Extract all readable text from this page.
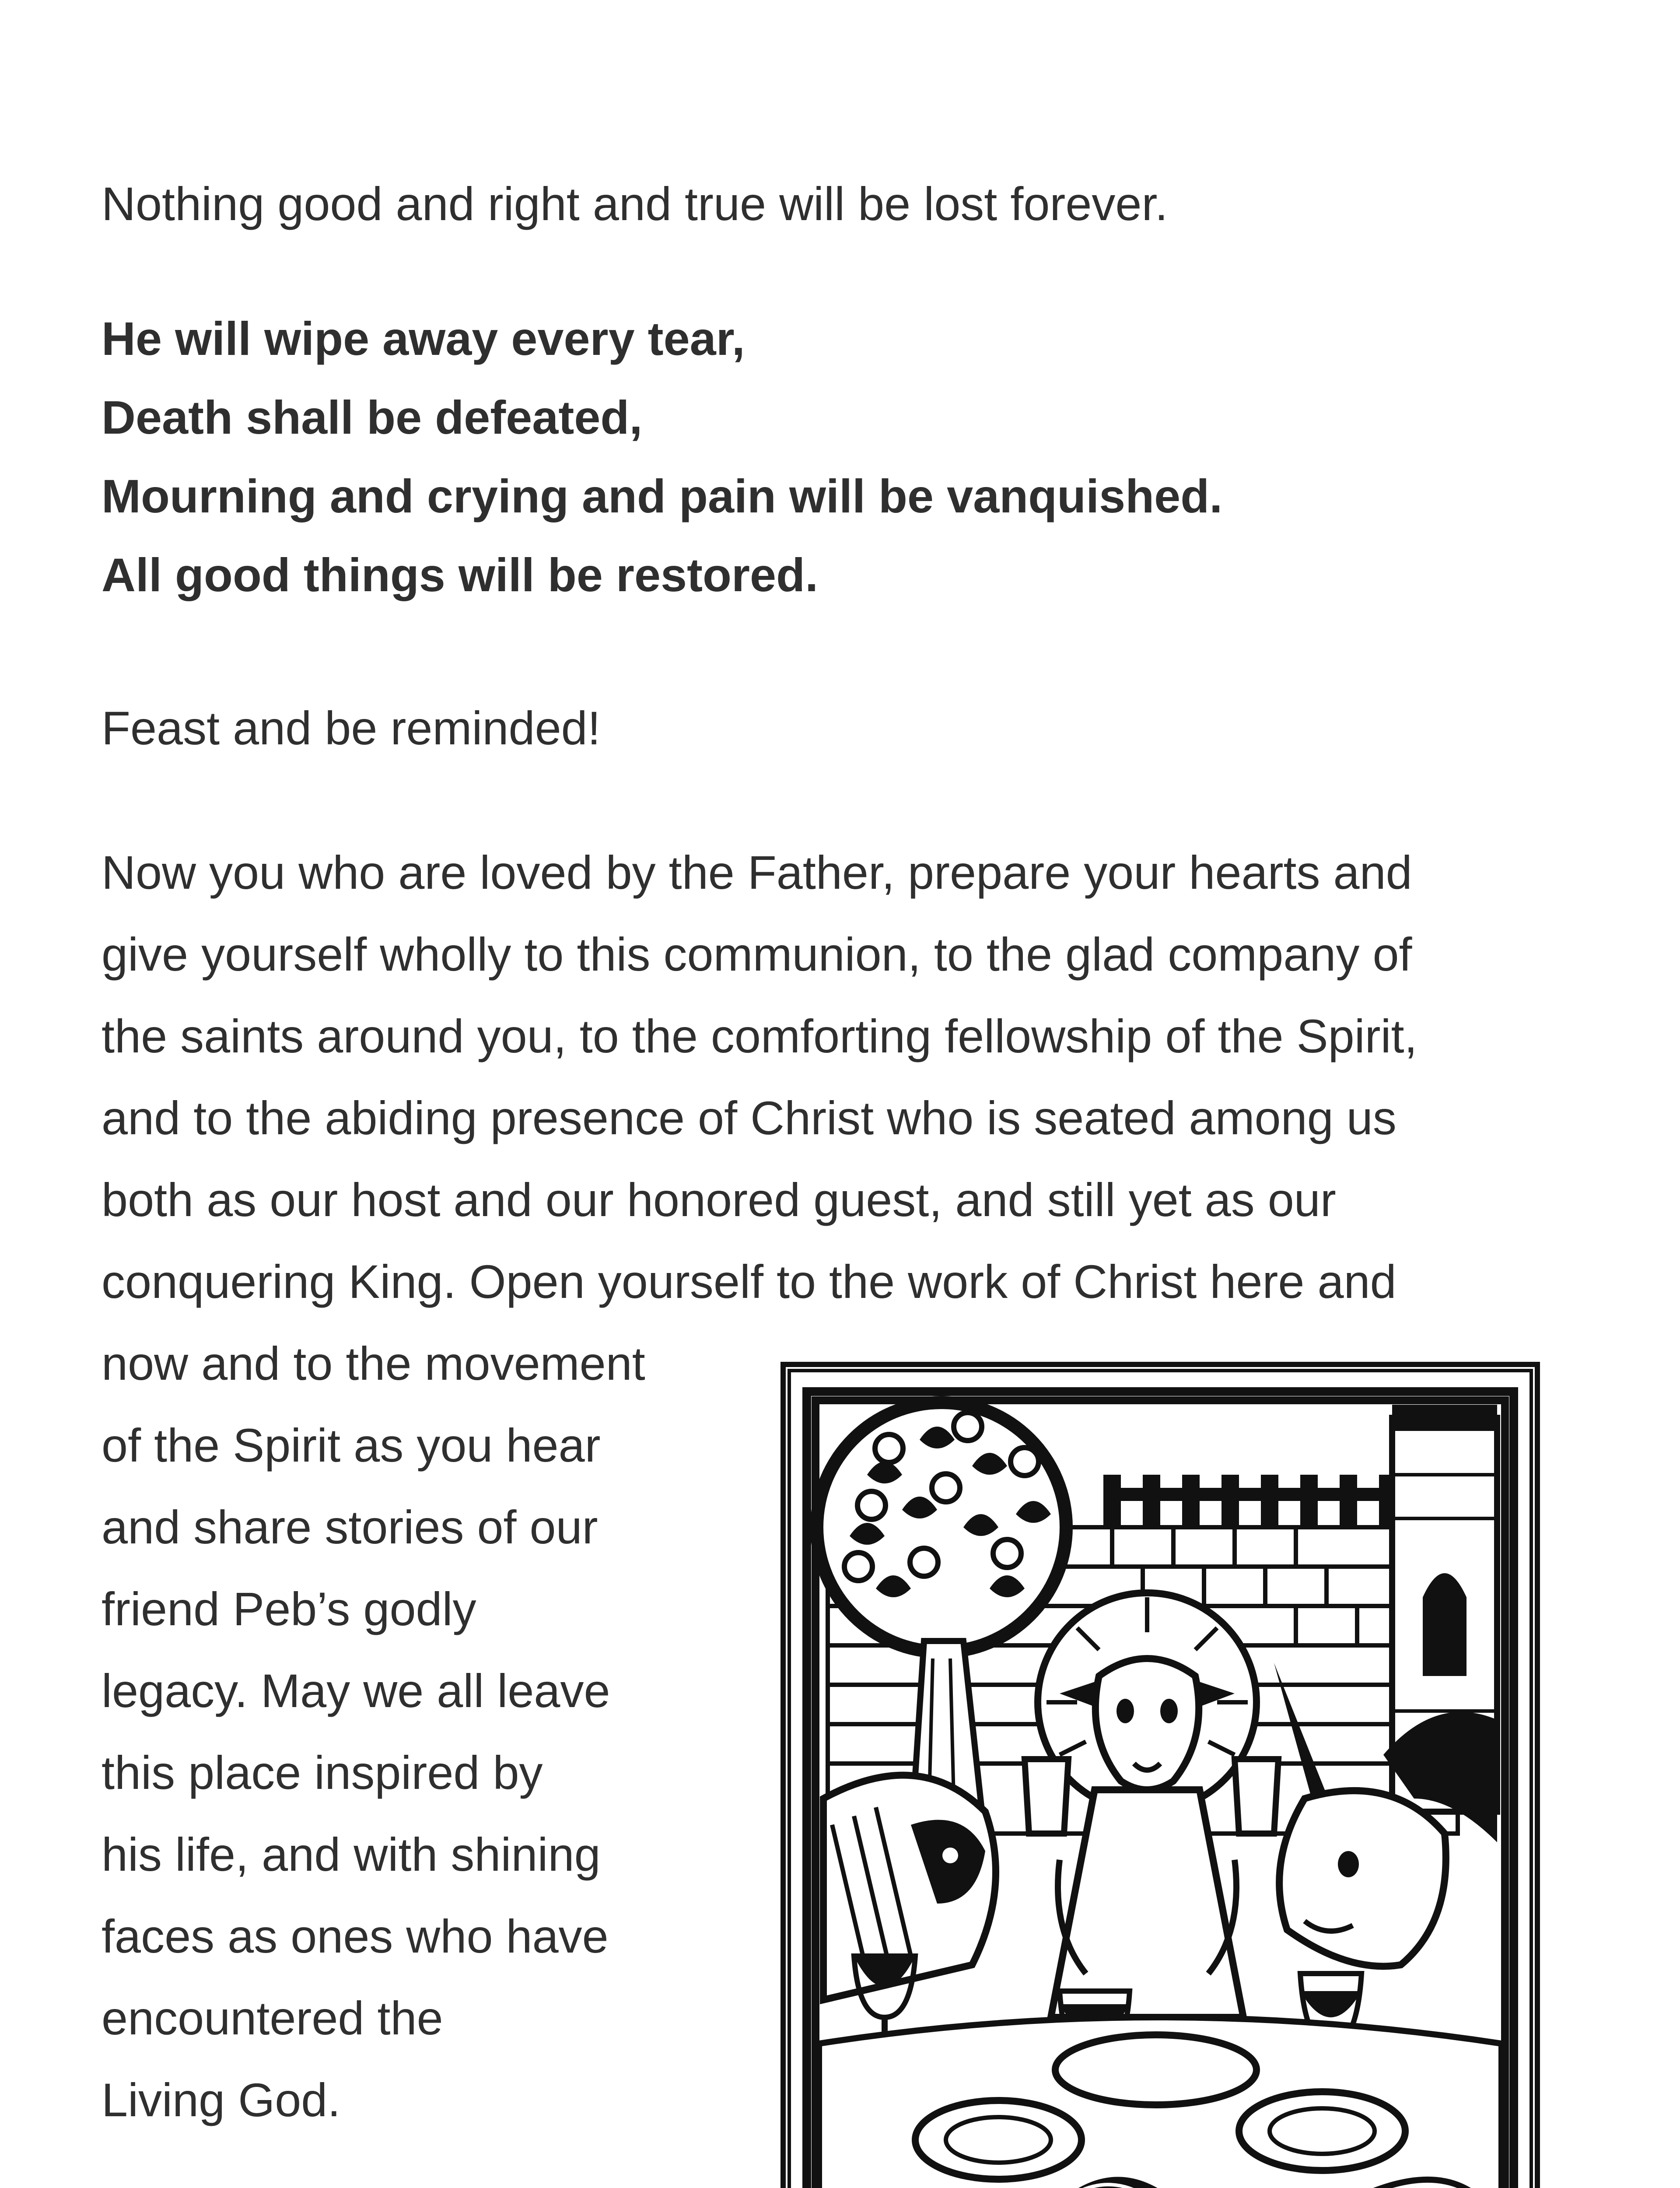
Nothing good and right and true will be lost forever.

He will wipe away every tear,

Death shall be defeated,

Mourning and crying and pain will be vanquished.

All good things will be restored.

Feast and be reminded!

Now you who are loved by the Father, prepare your hearts and

give yourself wholly to this communion, to the glad company of

the saints around you, to the comforting fellowship of the Spirit,

and to the abiding presence of Christ who is seated among us

both as our host and our honored guest, and still yet as our

conquering King. Open yourself to the work of Christ here and

now and to the movement

of the Spirit as you hear

and share stories of our

friend Peb’s godly

legacy. May we all leave

this place inspired by

his life, and with shining

faces as ones who have

encountered the

Living God.
